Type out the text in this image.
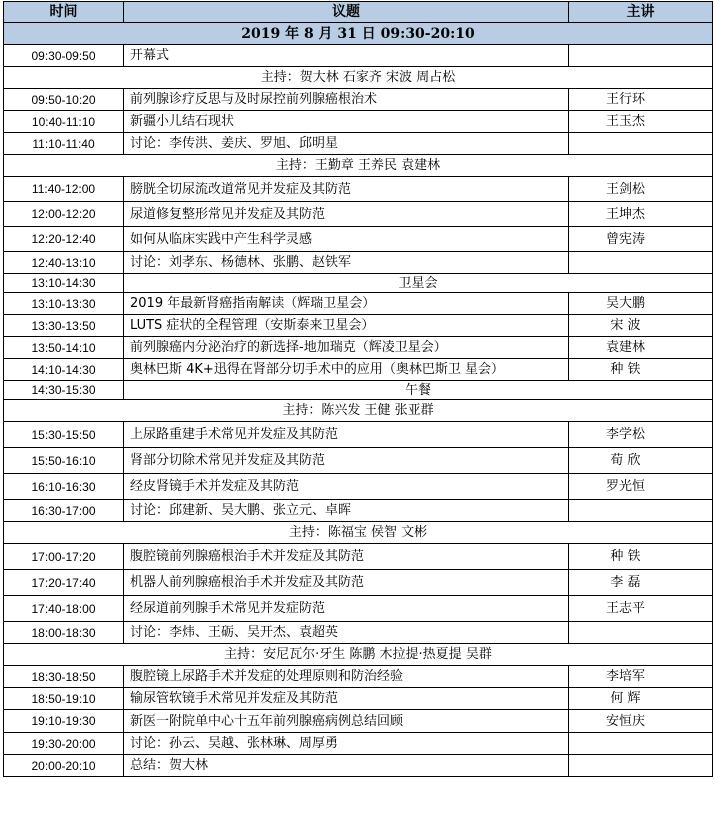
时间	议题	主讲
2019 年 8 月 31 日 09:30-20:10		
09:30-09:50	开幕式	
主持：贺大林 石家齐 宋波 周占松		
09:50-10:20	前列腺诊疗反思与及时尿控前列腺癌根治术	王行环
10:40-11:10	新疆小儿结石现状	王玉杰
11:10-11:40	讨论：李传洪、姜庆、罗旭、邱明星	
主持：王勤章 王养民 袁建林		
11:40-12:00	膀胱全切尿流改道常见并发症及其防范	王剑松
12:00-12:20	尿道修复整形常见并发症及其防范	王坤杰
12:20-12:40	如何从临床实践中产生科学灵感	曾宪涛
12:40-13:10	讨论：刘孝东、杨德林、张鹏、赵铁军	
13:10-14:30	卫星会	
13:10-13:30	2019 年最新肾癌指南解读（辉瑞卫星会）	吴大鹏
13:30-13:50	LUTS 症状的全程管理（安斯泰来卫星会）	宋 波
13:50-14:10	前列腺癌内分泌治疗的新选择-地加瑞克（辉凌卫星会）	袁建林
14:10-14:30	奥林巴斯 4K+迅得在肾部分切手术中的应用（奥林巴斯卫 星会）	种 铁
14:30-15:30	午餐	
主持：陈兴发 王健 张亚群		
15:30-15:50	上尿路重建手术常见并发症及其防范	李学松
15:50-16:10	肾部分切除术常见并发症及其防范	荀 欣
16:10-16:30	经皮肾镜手术并发症及其防范	罗光恒
16:30-17:00	讨论：邱建新、吴大鹏、张立元、卓晖	
主持：陈福宝 侯智 文彬		
17:00-17:20	腹腔镜前列腺癌根治手术并发症及其防范	种 铁
17:20-17:40	机器人前列腺癌根治手术并发症及其防范	李 磊
17:40-18:00	经尿道前列腺手术常见并发症防范	王志平
18:00-18:30	讨论：李炜、王砺、吴开杰、袁超英	
主持：安尼瓦尔·牙生 陈鹏 木拉提·热夏提 吴群		
18:30-18:50	腹腔镜上尿路手术并发症的处理原则和防治经验	李培军
18:50-19:10	输尿管软镜手术常见并发症及其防范	何 辉
19:10-19:30	新医一附院单中心十五年前列腺癌病例总结回顾	安恒庆
19:30-20:00	讨论：孙云、吴越、张林琳、周厚勇	
20:00-20:10	总结：贺大林	
